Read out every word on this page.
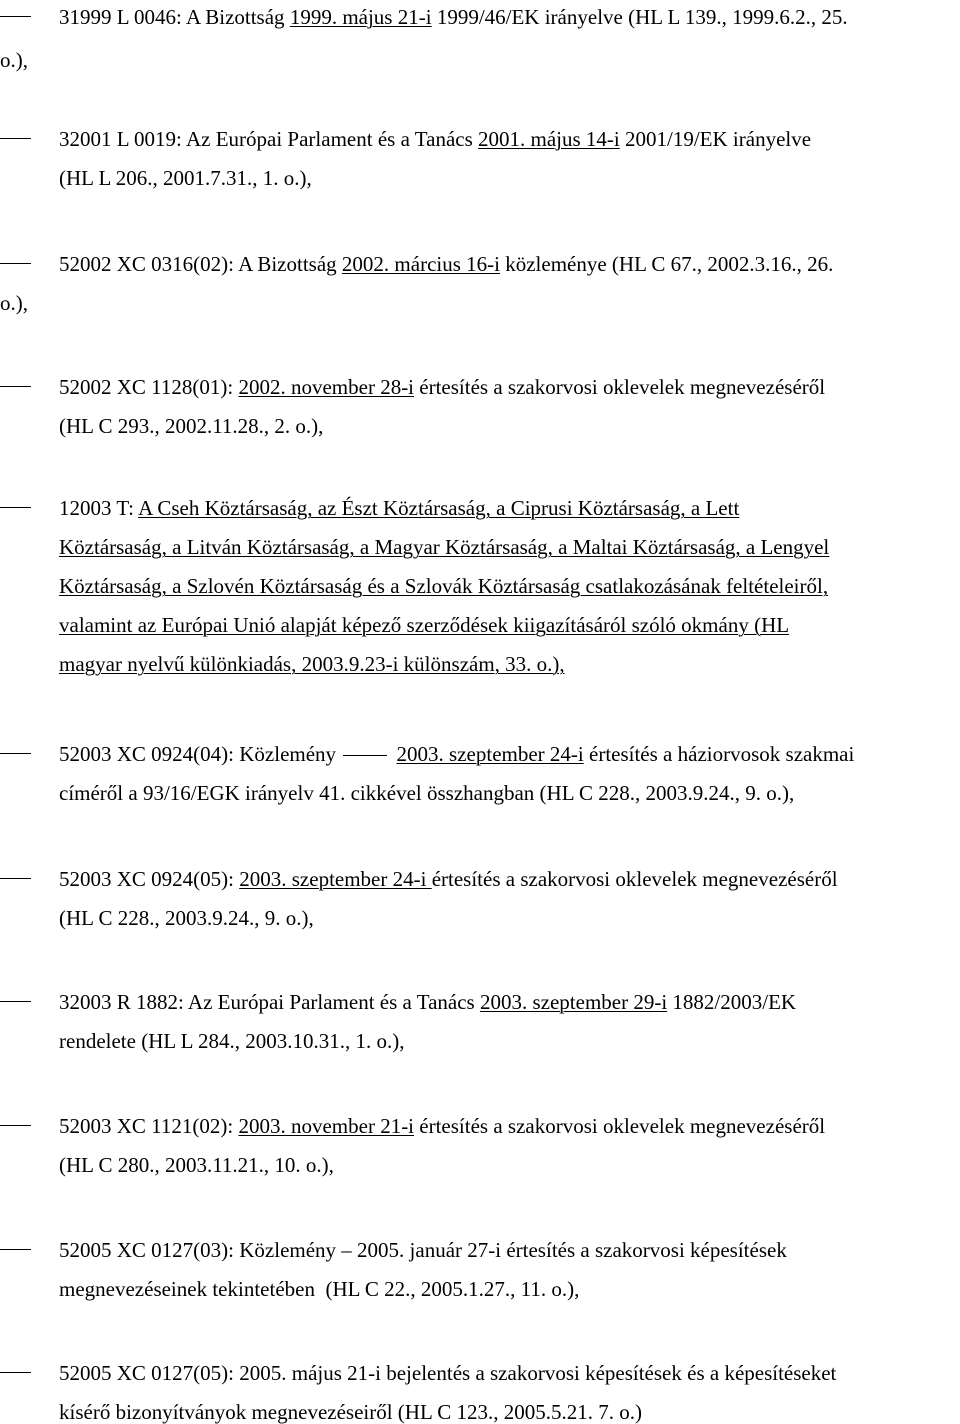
31999 L 0046: A Bizottság 1999. május 21-i 1999/46/EK irányelve (HL L 139., 1999.6.2., 25.
o.),
32001 L 0019: Az Európai Parlament és a Tanács 2001. május 14-i 2001/19/EK irányelve
(HL L 206., 2001.7.31., 1. o.),
52002 XC 0316(02): A Bizottság 2002. március 16-i közleménye (HL C 67., 2002.3.16., 26.
o.),
52002 XC 1128(01): 2002. november 28-i értesítés a szakorvosi oklevelek megnevezéséről
(HL C 293., 2002.11.28., 2. o.),
12003 T: A Cseh Köztársaság, az Észt Köztársaság, a Ciprusi Köztársaság, a Lett
Köztársaság, a Litván Köztársaság, a Magyar Köztársaság, a Maltai Köztársaság, a Lengyel
Köztársaság, a Szlovén Köztársaság és a Szlovák Köztársaság csatlakozásának feltételeiről,
valamint az Európai Unió alapját képező szerződések kiigazításáról szóló okmány (HL
magyar nyelvű különkiadás, 2003.9.23-i különszám, 33. o.),
52003 XC 0924(04): Közlemény	2003. szeptember 24-i értesítés a háziorvosok szakmai
címéről a 93/16/EGK irányelv 41. cikkével összhangban (HL C 228., 2003.9.24., 9. o.),
52003 XC 0924(05): 2003. szeptember 24-i értesítés a szakorvosi oklevelek megnevezéséről
(HL C 228., 2003.9.24., 9. o.),
32003 R 1882: Az Európai Parlament és a Tanács 2003. szeptember 29-i 1882/2003/EK
rendelete (HL L 284., 2003.10.31., 1. o.),
52003 XC 1121(02): 2003. november 21-i értesítés a szakorvosi oklevelek megnevezéséről
(HL C 280., 2003.11.21., 10. o.),
52005 XC 0127(03): Közlemény – 2005. január 27-i értesítés a szakorvosi képesítések
megnevezéseinek tekintetében  (HL C 22., 2005.1.27., 11. o.),
52005 XC 0127(05): 2005. május 21-i bejelentés a szakorvosi képesítések és a képesítéseket
kísérő bizonyítványok megnevezéseiről (HL C 123., 2005.5.21. 7. o.)
